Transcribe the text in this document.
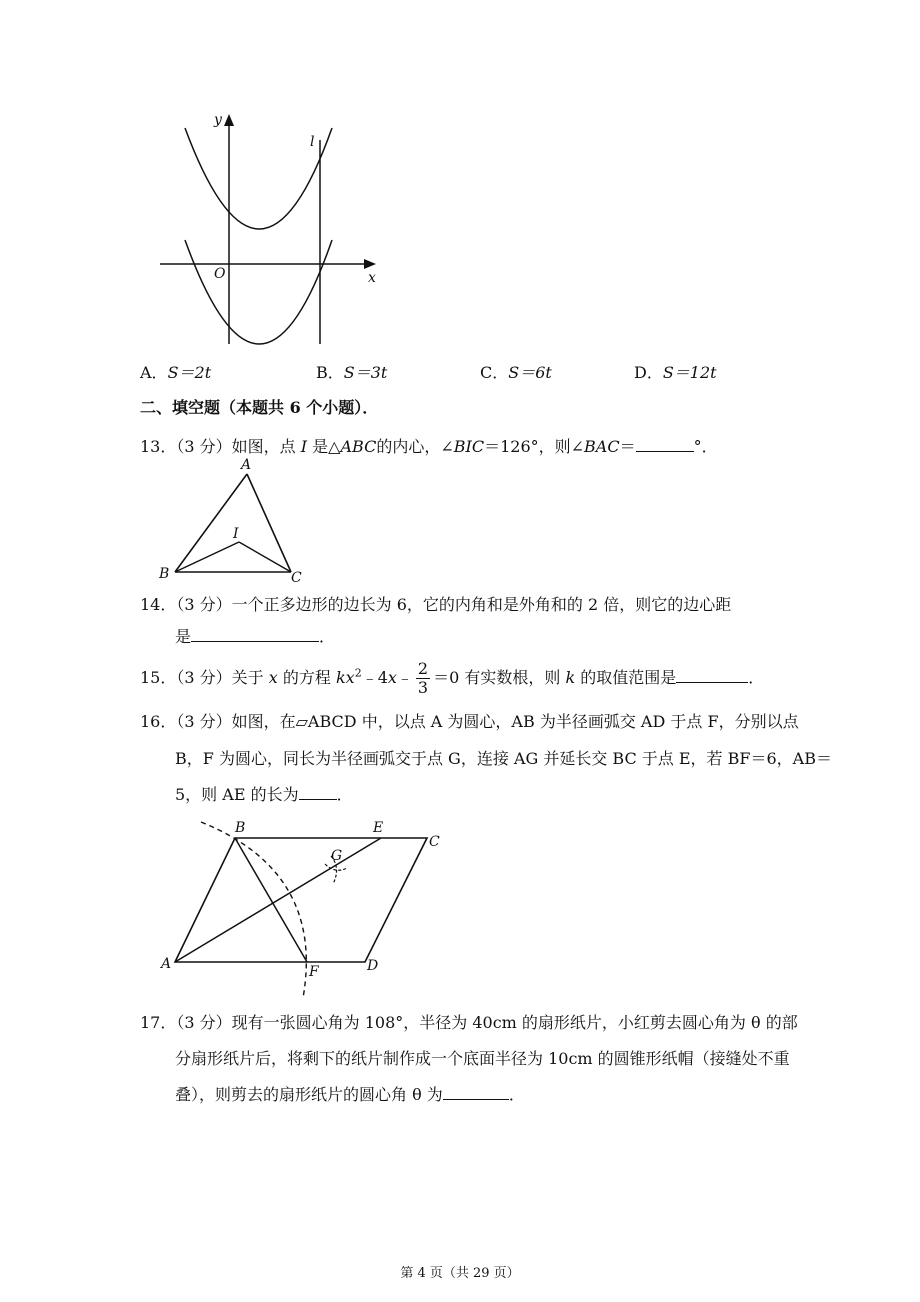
y
x
O
l
A．S＝2t	B．S＝3t	C．S＝6t	D．S＝12t
二、填空题（本题共 6 个小题）．
13．（3 分）如图，点 I 是△ABC的内心，∠BIC＝126°，则∠BAC＝	°．
A
B	C
I
14．（3 分）一个正多边形的边长为 6，它的内角和是外角和的 2 倍，则它的边心距
是	．
15．（3 分）关于 x 的方程 $kx^2﹣4x﹣ \frac{2}{3} =0$ 有实数根，则 k 的取值范围是	．
16．（3 分）如图，在▱ABCD 中，以点 A 为圆心，AB 为半径画弧交 AD 于点 F，分别以点
B，F 为圆心，同长为半径画弧交于点 G，连接 AG 并延长交 BC 于点 E，若 BF＝6，AB＝
5，则 AE 的长为 ．
A
B
C
D
E
F
G
17．（3 分）现有一张圆心角为 108°，半径为 40cm 的扇形纸片，小红剪去圆心角为 θ 的部
分扇形纸片后，将剩下的纸片制作成一个底面半径为 10cm 的圆锥形纸帽（接缝处不重
叠），则剪去的扇形纸片的圆心角 θ 为	．
第 4 页（共 29 页）
